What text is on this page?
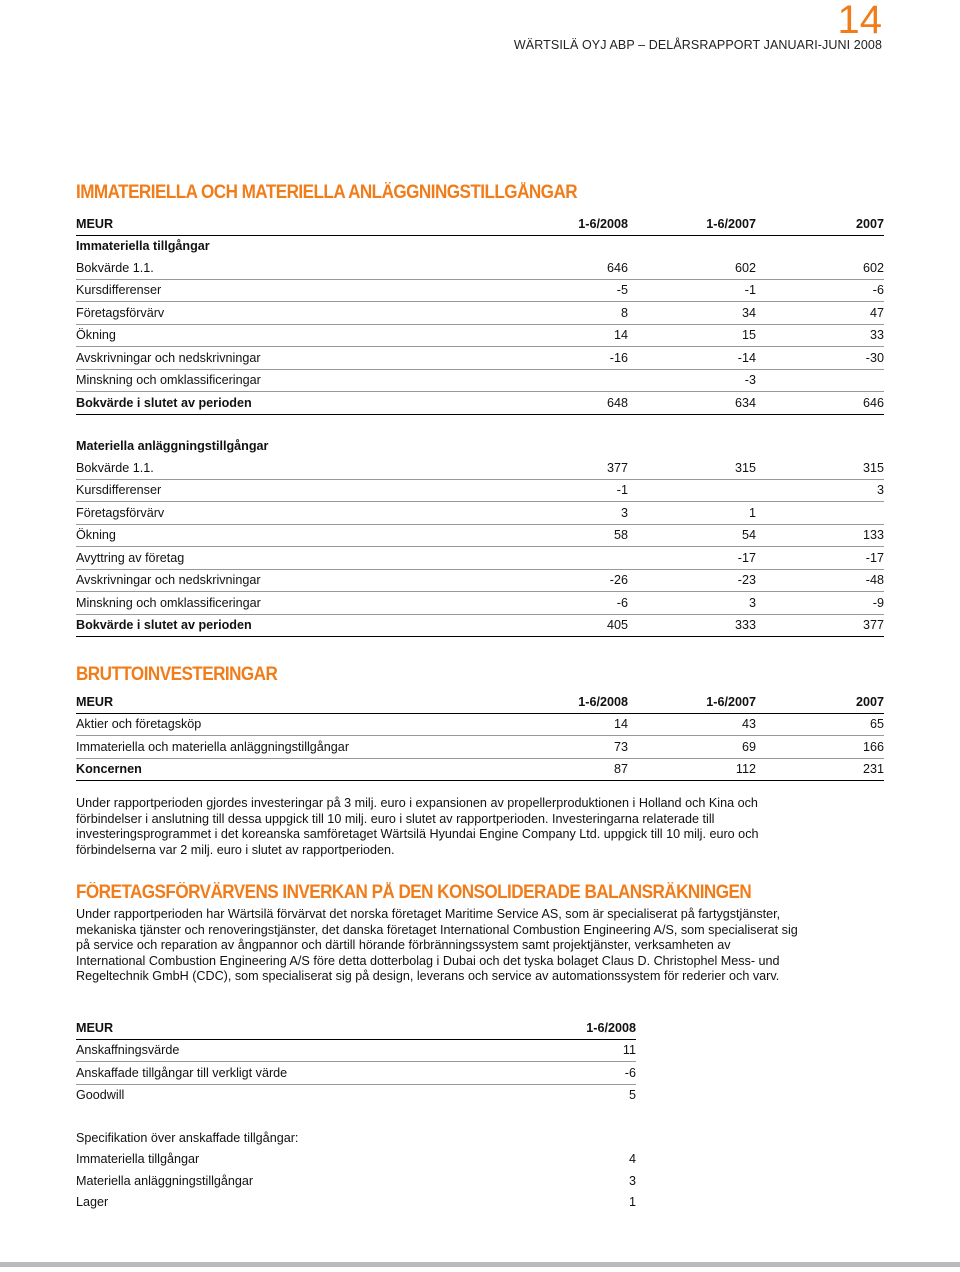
14
WÄRTSILÄ OYJ ABP – DELÅRSRAPPORT JANUARI-JUNI 2008
IMMATERIELLA OCH MATERIELLA ANLÄGGNINGSTILLGÅNGAR
MEUR	1-6/2008	1-6/2007	2007
Immateriella tillgångar			
Bokvärde 1.1.	646	602	602
Kursdifferenser	-5	-1	-6
Företagsförvärv	8	34	47
Ökning	14	15	33
Avskrivningar och nedskrivningar	-16	-14	-30
Minskning och omklassificeringar		-3	
Bokvärde i slutet av perioden	648	634	646

Materiella anläggningstillgångar			
Bokvärde 1.1.	377	315	315
Kursdifferenser	-1		3
Företagsförvärv	3	1	
Ökning	58	54	133
Avyttring av företag		-17	-17
Avskrivningar och nedskrivningar	-26	-23	-48
Minskning och omklassificeringar	-6	3	-9
Bokvärde i slutet av perioden	405	333	377
BRUTTOINVESTERINGAR
MEUR	1-6/2008	1-6/2007	2007
Aktier och företagsköp	14	43	65
Immateriella och materiella anläggningstillgångar	73	69	166
Koncernen	87	112	231
Under rapportperioden gjordes investeringar på 3 milj. euro i expansionen av propellerproduktionen i Holland och Kina och
förbindelser i anslutning till dessa uppgick till 10 milj. euro i slutet av rapportperioden. Investeringarna relaterade till
investeringsprogrammet i det koreanska samföretaget Wärtsilä Hyundai Engine Company Ltd. uppgick till 10 milj. euro och
förbindelserna var 2 milj. euro i slutet av rapportperioden.
FÖRETAGSFÖRVÄRVENS INVERKAN PÅ DEN KONSOLIDERADE BALANSRÄKNINGEN
Under rapportperioden har Wärtsilä förvärvat det norska företaget Maritime Service AS, som är specialiserat på fartygstjänster,
mekaniska tjänster och renoveringstjänster, det danska företaget International Combustion Engineering A/S, som specialiserat sig
på service och reparation av ångpannor och därtill hörande förbränningssystem samt projektjänster, verksamheten av
International Combustion Engineering A/S före detta dotterbolag i Dubai och det tyska bolaget Claus D. Christophel Mess- und
Regeltechnik GmbH (CDC), som specialiserat sig på design, leverans och service av automationssystem för rederier och varv.
MEUR	1-6/2008
Anskaffningsvärde	11
Anskaffade tillgångar till verkligt värde	-6
Goodwill	5

Specifikation över anskaffade tillgångar:	
Immateriella tillgångar	4
Materiella anläggningstillgångar	3
Lager	1
